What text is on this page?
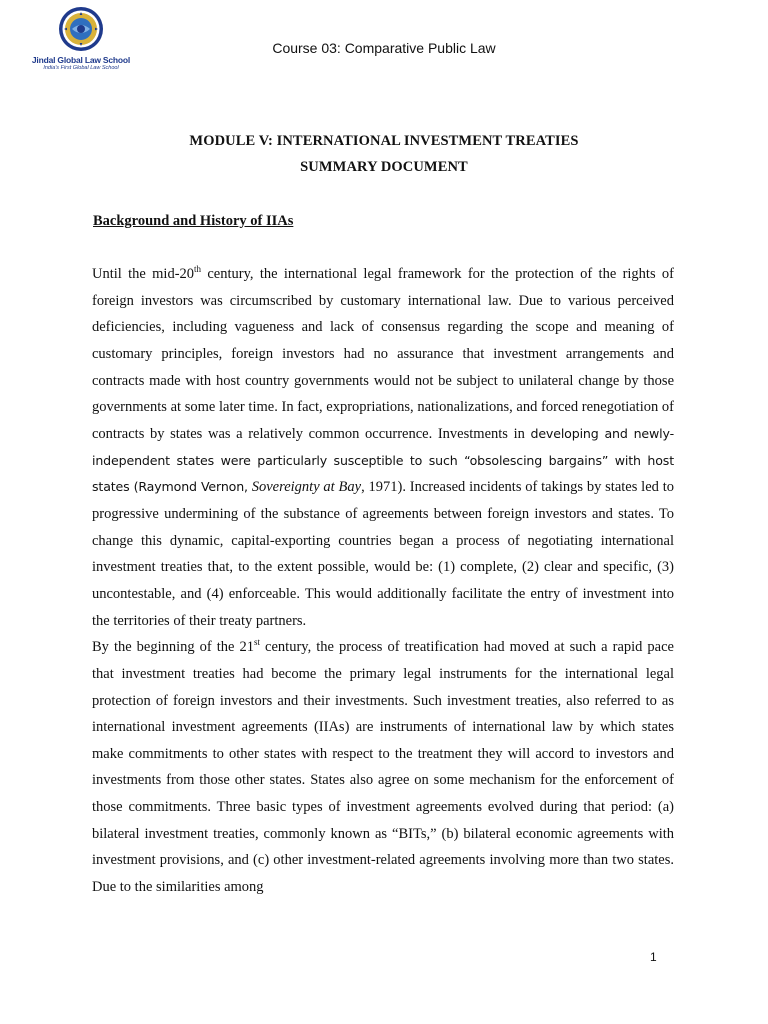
Jindal Global Law School
India's First Global Law School
Course 03: Comparative Public Law
MODULE V: INTERNATIONAL INVESTMENT TREATIES
SUMMARY DOCUMENT
Background and History of IIAs

Until the mid-20th century, the international legal framework for the protection of the rights of foreign investors was circumscribed by customary international law. Due to various perceived deficiencies, including vagueness and lack of consensus regarding the scope and meaning of customary principles, foreign investors had no assurance that investment arrangements and contracts made with host country governments would not be subject to unilateral change by those governments at some later time. In fact, expropriations, nationalizations, and forced renegotiation of contracts by states was a relatively common occurrence. Investments in developing and newly-independent states were particularly susceptible to such “obsolescing bargains” with host states (Raymond Vernon, Sovereignty at Bay, 1971). Increased incidents of takings by states led to progressive undermining of the substance of agreements between foreign investors and states. To change this dynamic, capital-exporting countries began a process of negotiating international investment treaties that, to the extent possible, would be: (1) complete, (2) clear and specific, (3) uncontestable, and (4) enforceable. This would additionally facilitate the entry of investment into the territories of their treaty partners.

By the beginning of the 21st century, the process of treatification had moved at such a rapid pace that investment treaties had become the primary legal instruments for the international legal protection of foreign investors and their investments. Such investment treaties, also referred to as international investment agreements (IIAs) are instruments of international law by which states make commitments to other states with respect to the treatment they will accord to investors and investments from those other states. States also agree on some mechanism for the enforcement of those commitments. Three basic types of investment agreements evolved during that period: (a) bilateral investment treaties, commonly known as “BITs,” (b) bilateral economic agreements with investment provisions, and (c) other investment-related agreements involving more than two states. Due to the similarities among

1
